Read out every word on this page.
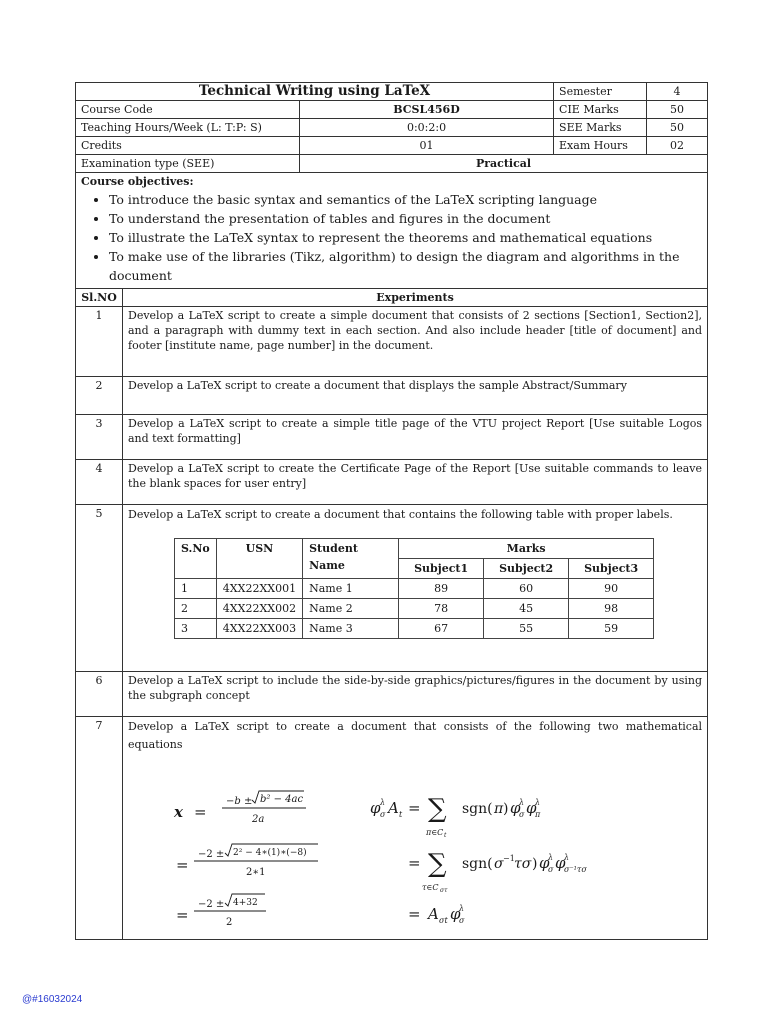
Technical Writing using LaTeX	Semester	4
Course Code	BCSL456D	CIE Marks	50
Teaching Hours/Week (L: T:P: S)	0:0:2:0	SEE Marks	50
Credits	01	Exam Hours	02
Examination type (SEE)	Practical

Course objectives:
• To introduce the basic syntax and semantics of the LaTeX scripting language
• To understand the presentation of tables and figures in the document
• To illustrate the LaTeX syntax to represent the theorems and mathematical equations
• To make use of the libraries (Tikz, algorithm) to design the diagram and algorithms in the document

Sl.NO	Experiments
1	Develop a LaTeX script to create a simple document that consists of 2 sections [Section1, Section2], and a paragraph with dummy text in each section. And also include header [title of document] and footer [institute name, page number] in the document.
2	Develop a LaTeX script to create a document that displays the sample Abstract/Summary
3	Develop a LaTeX script to create a simple title page of the VTU project Report [Use suitable Logos and text formatting]
4	Develop a LaTeX script to create the Certificate Page of the Report [Use suitable commands to leave the blank spaces for user entry]
5	Develop a LaTeX script to create a document that contains the following table with proper labels.
S.No	USN	Student Name	Marks
Subject1	Subject2	Subject3
1	4XX22XX001	Name 1	89	60	90
2	4XX22XX002	Name 2	78	45	98
3	4XX22XX003	Name 3	67	55	59

6	Develop a LaTeX script to include the side-by-side graphics/pictures/figures in the document by using the subgraph concept
7	Develop a LaTeX script to create a document that consists of the following two mathematical equations
x =
−b ± b² − 4ac
2a
=
−2 ± 2² − 4∗(1)∗(−8)
2∗1
=
−2 ± 4+32
2
φ λ
σ A t = ∑
π∈C t
sgn( π ) φ
λ
σ φ
λ
π
= ∑
τ∈C στ
sgn( σ −1 τσ ) φ
λ
σ φ
λ
σ⁻¹τσ
= A σt φ
λ
σ
@#16032024
